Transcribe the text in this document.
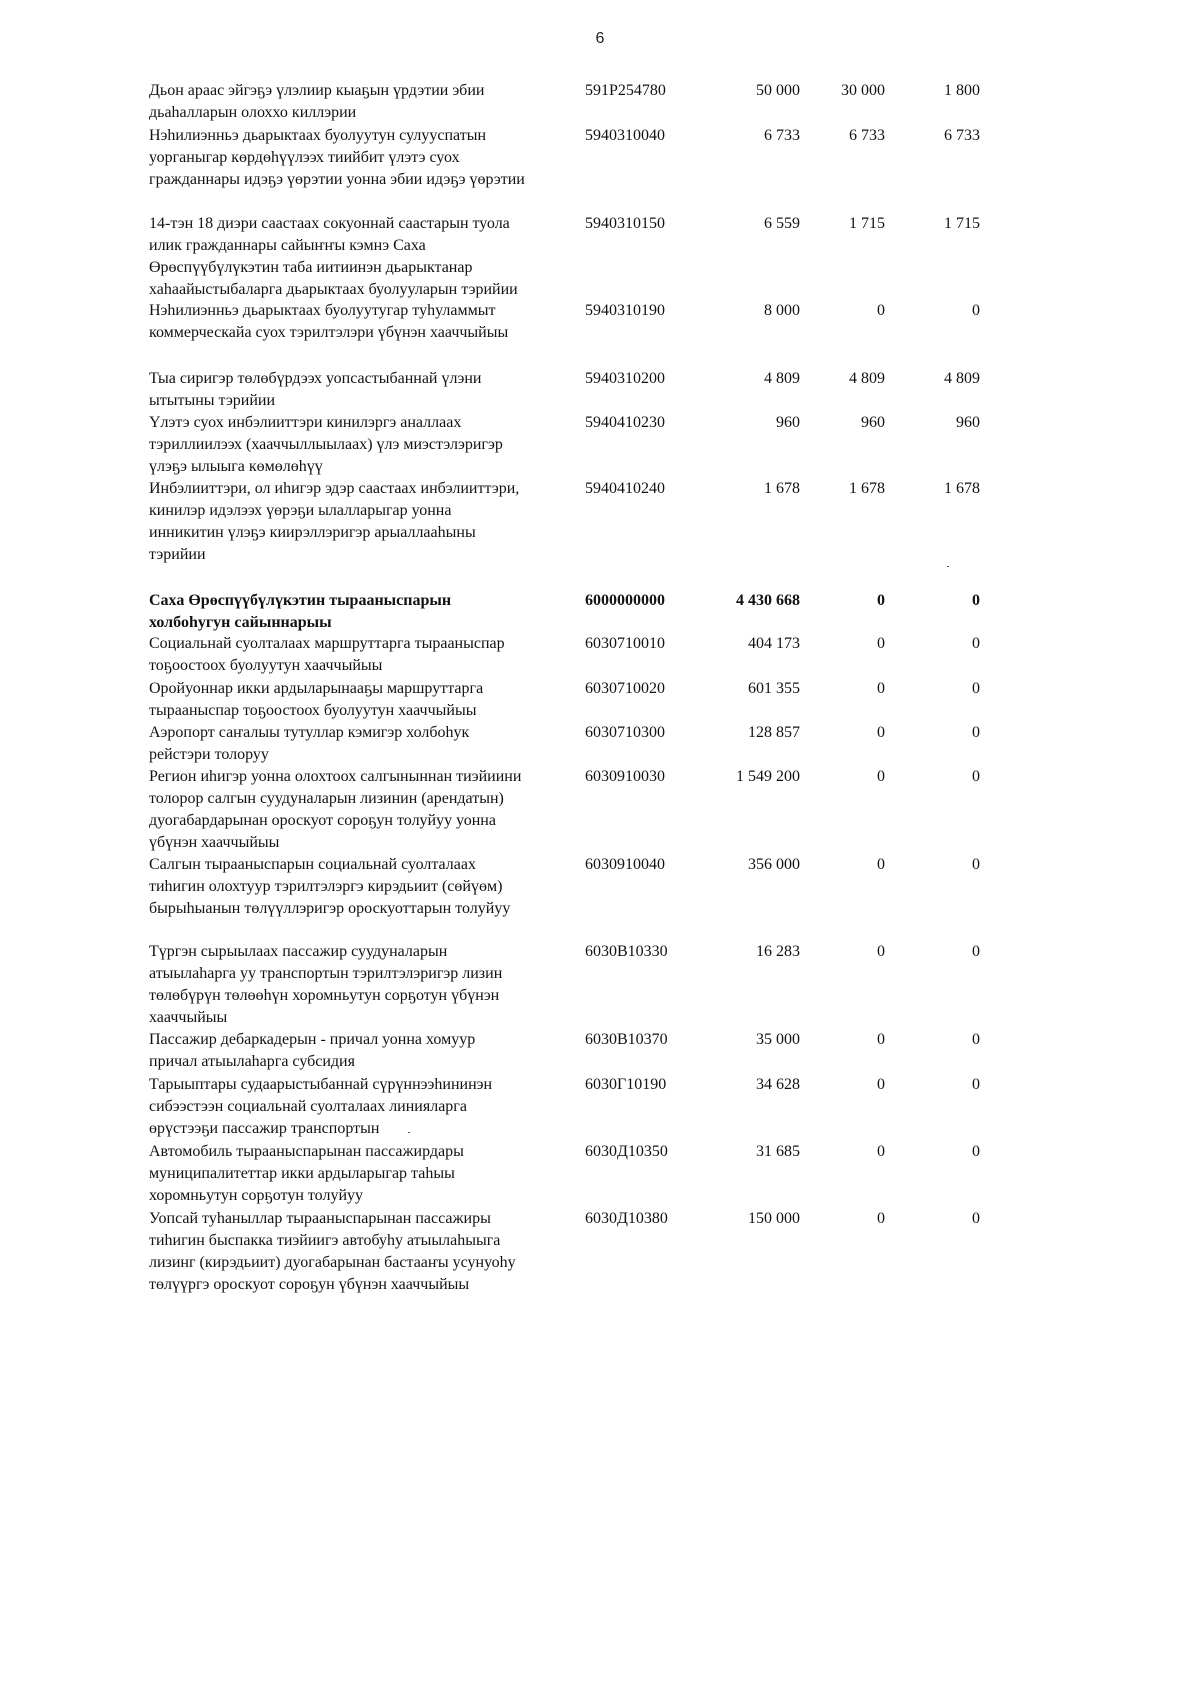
6
Дьон араас эйгэҕэ үлэлиир кыаҕын үрдэтии эбии
дьаһалларын олоххо киллэрии
591P254780	50 000	30 000	1 800
Нэһилиэнньэ дьарыктаах буолуутун сулууспатын
уорганыгар көрдөһүүлээх тиийбит үлэтэ суох
гражданнары идэҕэ үөрэтии уонна эбии идэҕэ үөрэтии
5940310040	6 733	6 733	6 733
14-тэн 18 диэри саастаах сокуоннай саастарын туола
илик гражданнары сайыҥҥы кэмнэ Саха
Өрөспүүбүлүкэтин таба иитиинэн дьарыктанар
хаһаайыстыбаларга дьарыктаах буолууларын тэрийии
5940310150	6 559	1 715	1 715
Нэһилиэнньэ дьарыктаах буолуутугар туһуламмыт
коммерческайа суох тэрилтэлэри үбүнэн хааччыйыы
5940310190	8 000	0	0
Тыа сиригэр төлөбүрдээх уопсастыбаннай үлэни
ытытыны тэрийии
5940310200	4 809	4 809	4 809
Үлэтэ суох инбэлииттэри кинилэргэ аналлаах
тэриллиилээх (хааччыллыылаах) үлэ миэстэлэригэр
үлэҕэ ылыыга көмөлөһүү
5940410230	960	960	960
Инбэлииттэри, ол иһигэр эдэр саастаах инбэлииттэри,
кинилэр идэлээх үөрэҕи ылалларыгар уонна
инникитин үлэҕэ киирэллэригэр арыаллааһыны
тэрийии
5940410240	1 678	1 678	1 678
Саха Өрөспүүбүлүкэтин тырааныспарын
холбоһугун сайыннарыы
6000000000	4 430 668	0	0
Социальнай суолталаах маршруттарга тырааныспар
тоҕоостоох буолуутун хааччыйыы
6030710010	404 173	0	0
Оройуоннар икки ардыларынааҕы маршруттарга
тырааныспар тоҕоостоох буолуутун хааччыйыы
6030710020	601 355	0	0
Аэропорт саҥалыы тутуллар кэмигэр холбоһук
рейстэри толоруу
6030710300	128 857	0	0
Регион иһигэр уонна олохтоох салгыныннан тиэйиини
толорор салгын суудуналарын лизинин (арендатын)
дуогабардарынан ороскуот сороҕун толуйуу уонна
үбүнэн хааччыйыы
6030910030	1 549 200	0	0
Салгын тырааныспарын социальнай суолталаах
тиһигин олохтуур тэрилтэлэргэ кирэдьиит (сөйүөм)
бырыһыанын төлүүллэригэр ороскуоттарын толуйуу
6030910040	356 000	0	0
Түргэн сырыылаах пассажир суудуналарын
атыылаһарга уу транспортын тэрилтэлэригэр лизин
төлөбүрүн төлөөһүн хоромньутун сорҕотун үбүнэн
хааччыйыы
6030B10330	16 283	0	0
Пассажир дебаркадерын - причал уонна хомуур
причал атыылаһарга субсидия
6030B10370	35 000	0	0
Тарыыптары судаарыстыбаннай сүрүннээһининэн
сибээстээн социальнай суолталаах линияларга
өрүстээҕи пассажир транспортын
6030Г10190	34 628	0	0
Автомобиль тырааныспарынан пассажирдары
муниципалитеттар икки ардыларыгар таһыы
хоромньутун сорҕотун толуйуу
6030Д10350	31 685	0	0
Уопсай туһаныллар тырааныспарынан пассажиры
тиһигин быспакка тиэйиигэ автобуһу атыылаһыыга
лизинг (кирэдьиит) дуогабарынан бастааҥы усунуоһу
төлүүргэ ороскуот сороҕун үбүнэн хааччыйыы
6030Д10380	150 000	0	0
